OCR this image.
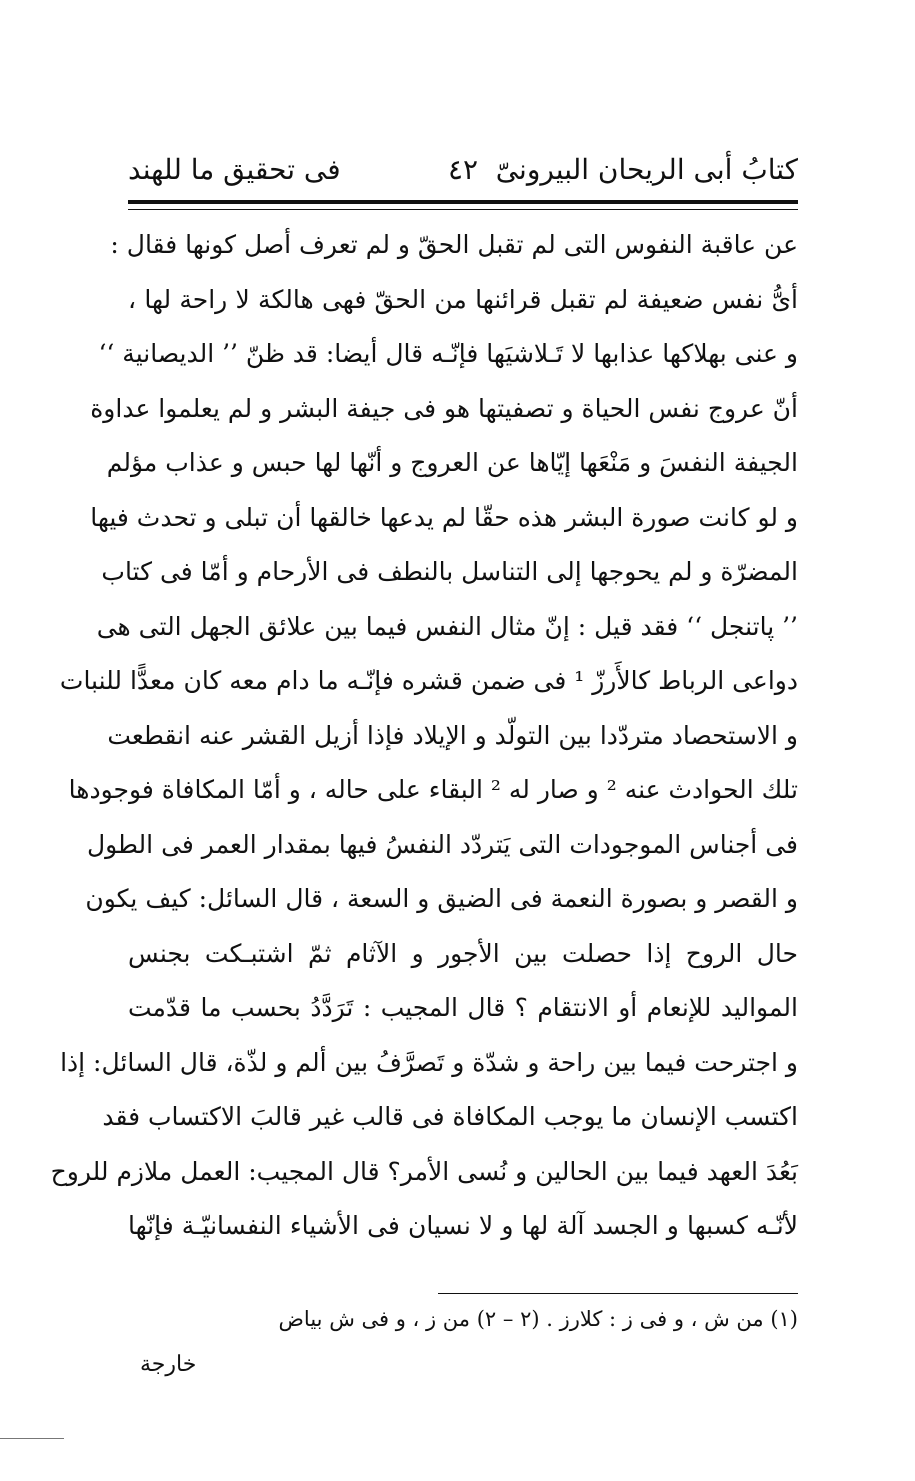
كتابُ أبى الريحان البيرونىّ
٤٢
فى تحقيق ما للهند
عن عاقبة النفوس التى لم تقبل الحقّ و لم تعرف أصل كونها فقال :
أىُّ نفس ضعيفة لم تقبل قرائنها من الحقّ فهى هالكة لا راحة لها ،
و عنى بهلاكها عذابها لا تَـلاشيَها فإنّـه قال أيضا: قد ظنّ ’’ الديصانية ‘‘
أنّ عروج نفس الحياة و تصفيتها هو فى جيفة البشر و لم يعلموا عداوة
الجيفة النفسَ و مَنْعَها إيّاها عن العروج و أنّها لها حبس و عذاب مؤلم
و لو كانت صورة البشر هذه حقّا لم يدعها خالقها أن تبلى و تحدث فيها
المضرّة و لم يحوجها إلى التناسل بالنطف فى الأرحام و أمّا فى كتاب
’’ پاتنجل ‘‘ فقد قيل : إنّ مثال النفس فيما بين علائق الجهل التى هى
دواعى الرباط كالأَرزّ ¹ فى ضمن قشره فإنّـه ما دام معه كان معدًّا للنبات
و الاستحصاد متردّدا بين التولّد و الإيلاد فإذا أزيل القشر عنه انقطعت
تلك الحوادث عنه ² و صار له ² البقاء على حاله ، و أمّا المكافاة فوجودها
فى أجناس الموجودات التى يَتردّد النفسُ فيها بمقدار العمر فى الطول
و القصر و بصورة النعمة فى الضيق و السعة ، قال السائل: كيف يكون
حال الروح إذا حصلت بين الأجور و الآثام ثمّ اشتبـكت بجنس
المواليد للإنعام أو الانتقام ؟ قال المجيب : تَرَدَّدُ بحسب ما قدّمت
و اجترحت فيما بين راحة و شدّة و تَصرَّفُ بين ألم و لذّة، قال السائل: إذا
اكتسب الإنسان ما يوجب المكافاة فى قالب غير قالبَ الاكتساب فقد
بَعُدَ العهد فيما بين الحالين و نُسى الأمر؟ قال المجيب: العمل ملازم للروح
لأنّـه كسبها و الجسد آلة لها و لا نسيان فى الأشياء النفسانيّـة فإنّها
(١) من ش ، و فى ز : كلارز . (٢ – ٢) من ز ، و فى ش بياض
خارجة
